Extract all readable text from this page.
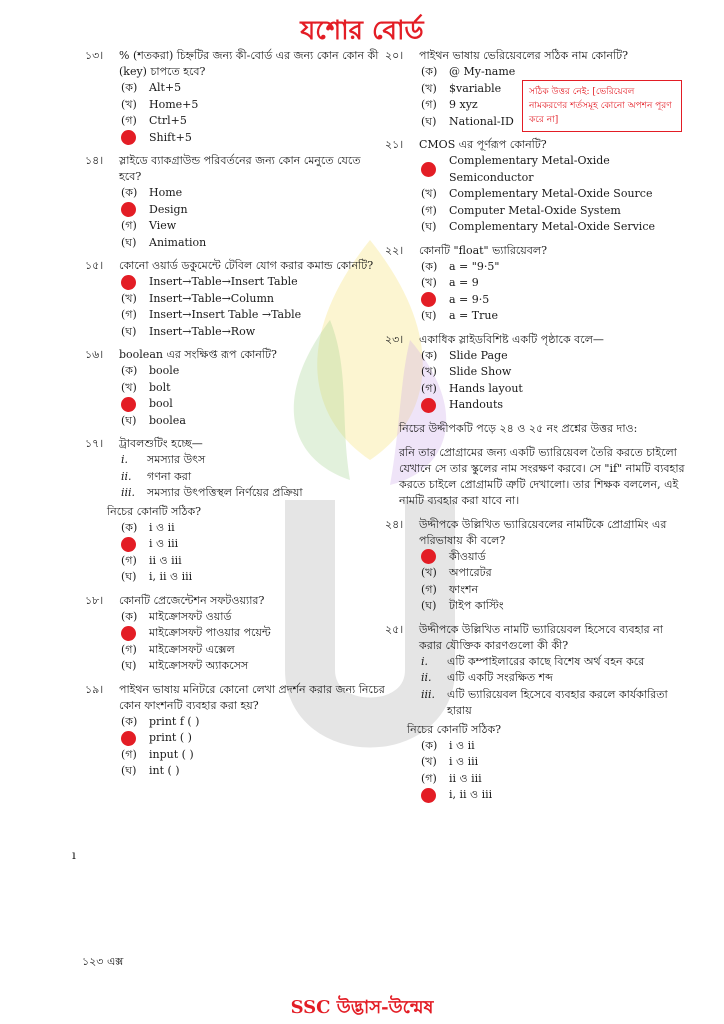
যশোর বোর্ড
১৩।	% (শতকরা) চিহ্নটির জন্য কী-বোর্ড এর জন্য কোন কোন কী (key) চাপতে হবে?
(ক)	Alt+5
(খ)	Home+5
(গ)	Ctrl+5
Shift+5
১৪।	স্লাইডে ব্যাকগ্রাউন্ড পরিবর্তনের জন্য কোন মেনুতে যেতে হবে?
(ক)	Home
Design
(গ)	View
(ঘ)	Animation
১৫।	কোনো ওয়ার্ড ডকুমেন্টে টেবিল যোগ করার কমান্ড কোনটি?
Insert→Table→Insert Table
(খ)	Insert→Table→Column
(গ)	Insert→Insert Table →Table
(ঘ)	Insert→Table→Row
১৬।	boolean এর সংক্ষিপ্ত রূপ কোনটি?
(ক)	boole
(খ)	bolt
bool
(ঘ)	boolea
১৭।	ট্রাবলশুটিং হচ্ছে—
i.	সমস্যার উৎস
ii.	গণনা করা
iii.	সমস্যার উৎপত্তিস্থল নির্ণয়ের প্রক্রিয়া
নিচের কোনটি সঠিক?
(ক)	i ও ii
i ও iii
(গ)	ii ও iii
(ঘ)	i, ii ও iii
১৮।	কোনটি প্রেজেন্টেশন সফটওয়্যার?
(ক)	মাইক্রোসফট ওয়ার্ড
মাইক্রোসফট পাওয়ার পয়েন্ট
(গ)	মাইক্রোসফট এক্সেল
(ঘ)	মাইক্রোসফট অ্যাকসেস
১৯।	পাইথন ভাষায় মনিটরে কোনো লেখা প্রদর্শন করার জন্য নিচের কোন ফাংশনটি ব্যবহার করা হয়?
(ক)	print f ( )
print ( )
(গ)	input ( )
(ঘ)	int ( )
২০।	পাইথন ভাষায় ভেরিয়েবলের সঠিক নাম কোনটি?
(ক)	@ My-name
(খ)	$variable
(গ)	9 xyz
(ঘ)	National-ID
২১।	CMOS এর পূর্ণরূপ কোনটি?
Complementary Metal-Oxide Semiconductor
(খ)	Complementary Metal-Oxide Source
(গ)	Computer Metal-Oxide System
(ঘ)	Complementary Metal-Oxide Service
২২।	কোনটি "float" ভ্যারিয়েবল?
(ক)	a = "9·5"
(খ)	a = 9
a = 9·5
(ঘ)	a = True
২৩।	একাধিক স্লাইডবিশিষ্ট একটি পৃষ্ঠাকে বলে—
(ক)	Slide Page
(খ)	Slide Show
(গ)	Hands layout
Handouts
নিচের উদ্দীপকটি পড়ে ২৪ ও ২৫ নং প্রশ্নের উত্তর দাও:
রনি তার প্রোগ্রামের জন্য একটি ভ্যারিয়েবল তৈরি করতে চাইলো যেখানে সে তার স্কুলের নাম সংরক্ষণ করবে। সে "if" নামটি ব্যবহার করতে চাইলে প্রোগ্রামটি ত্রুটি দেখালো। তার শিক্ষক বললেন, এই নামটি ব্যবহার করা যাবে না।
২৪।	উদ্দীপকে উল্লিখিত ভ্যারিয়েবলের নামটিকে প্রোগ্রামিং এর পরিভাষায় কী বলে?
কীওয়ার্ড
(খ)	অপারেটর
(গ)	ফাংশন
(ঘ)	টাইপ কাস্টিং
২৫।	উদ্দীপকে উল্লিখিত নামটি ভ্যারিয়েবল হিসেবে ব্যবহার না করার যৌক্তিক কারণগুলো কী কী?
i.	এটি কম্পাইলারের কাছে বিশেষ অর্থ বহন করে
ii.	এটি একটি সংরক্ষিত শব্দ
iii.	এটি ভ্যারিয়েবল হিসেবে ব্যবহার করলে কার্যকারিতা হারায়
নিচের কোনটি সঠিক?
(ক)	i ও ii
(খ)	i ও iii
(গ)	ii ও iii
i, ii ও iii
সঠিক উত্তর নেই: [ভেরিয়েবল নামকরণের শর্তসমূহ কোনো অপশন পূরণ করে না]
ı
১২৩ এক্স
SSC উদ্ভাস-উন্মেষ
